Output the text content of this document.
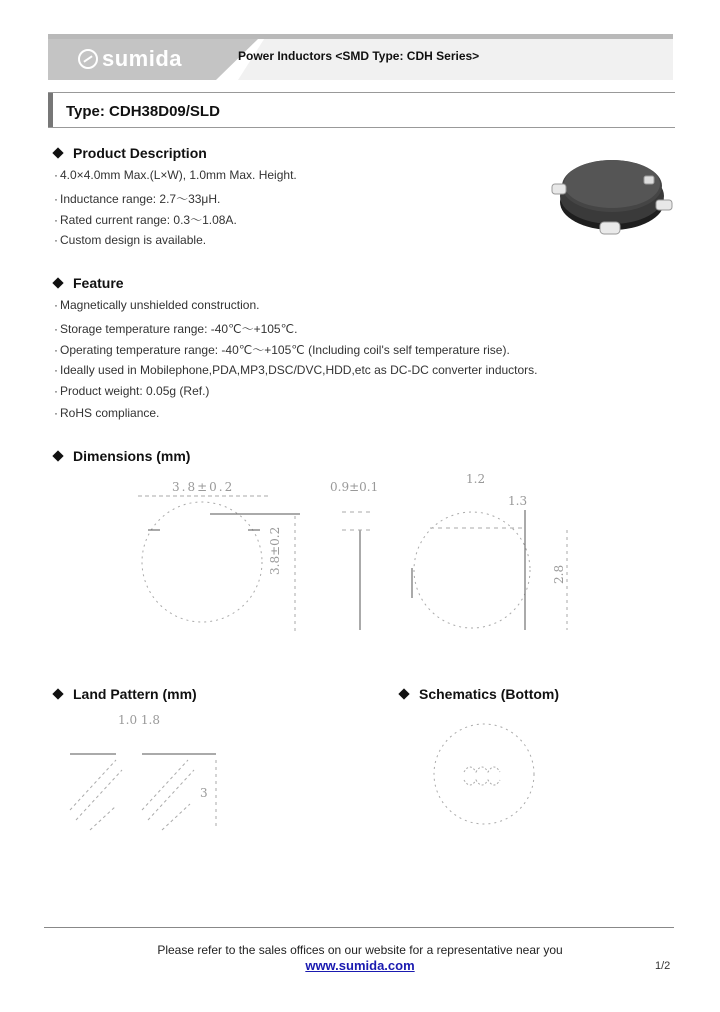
sumida	Power Inductors <SMD Type: CDH Series>
Type: CDH38D09/SLD
Product Description
· 4.0×4.0mm Max.(L×W), 1.0mm Max. Height.
· Inductance range: 2.7～33μH.
· Rated current range: 0.3～1.08A.
· Custom design is available.
Feature
· Magnetically unshielded construction.
· Storage temperature range: -40℃～+105℃.
· Operating temperature range: -40℃～+105℃ (Including coil's self temperature rise).
· Ideally used in Mobilephone,PDA,MP3,DSC/DVC,HDD,etc as DC-DC converter inductors.
· Product weight: 0.05g (Ref.)
· RoHS compliance.
Dimensions (mm)
3.8±0.2
3.8±0.2
0.9±0.1
1.2
1.3
2.8
Land Pattern (mm)
1.0 1.8
3
Schematics (Bottom)
Please refer to the sales offices on our website for a representative near you
www.sumida.com	1/2
